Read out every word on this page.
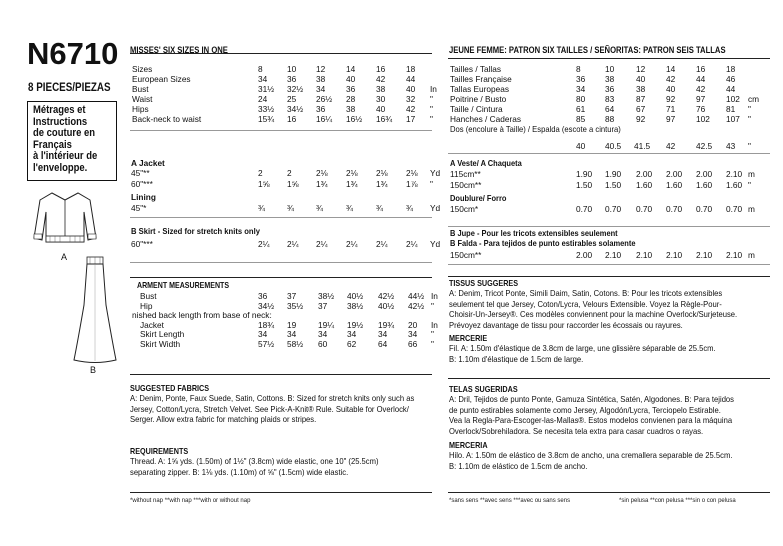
N6710
8 PIECES/PIEZAS
Métrages et
Instructions
de couture en
Français
à l'intérieur de
l'enveloppe.
A
B
MISSES' SIX SIZES IN ONE
Sizes	8	10 12	14	16	18
European Sizes	34 36 38	40	42	44
Bust	31½ 32½ 34	36	38	40 In
Waist	24 25 26½ 28	30	32 "
Hips	33½ 34½ 36	38	40	42 "
Back-neck to waist	15¾ 16 16¼ 16½ 16¾ 17 "
A Jacket
45"**	2	2	2⅛ 2⅛ 2⅛ 2⅛ Yd
60"***	1⅝ 1⅝ 1¾ 1¾ 1¾ 1⅞ "
Lining
45"*	¾	¾	¾	¾	¾	¾ Yd
B Skirt - Sized for stretch knits only
60"***	2¼ 2¼ 2¼ 2¼ 2¼ 2¼ Yd
ARMENT MEASUREMENTS
Bust	36 37	38½ 40½ 42½ 44½ In
Hip	34½ 35½ 37 38½ 40½ 42½ "
nished back length from base of neck:
Jacket	18¾ 19	19¼ 19½ 19¾ 20 In
Skirt Length	34 34	34 34	34	34 "
Skirt Width	57½ 58½ 60 62	64	66 "
SUGGESTED FABRICS
A: Denim, Ponte, Faux Suede, Satin, Cottons. B: Sized for stretch knits only such as
Jersey, Cotton/Lycra, Stretch Velvet. See Pick-A-Knit® Rule. Suitable for Overlock/
Serger. Allow extra fabric for matching plaids or stripes.
REQUIREMENTS
Thread. A: 1⅝ yds. (1.50m) of 1½" (3.8cm) wide elastic, one 10" (25.5cm)
separating zipper. B: 1⅛ yds. (1.10m) of ⅝" (1.5cm) wide elastic.
*without nap **with nap ***with or without nap
JEUNE FEMME: PATRON SIX TAILLES / SEÑORITAS: PATRON SEIS TALLAS
Tailles / Tallas	8	10	12	14	16	18
Tailles Française	36 38	40	42	44	46
Tallas Europeas	34 36	38	40	42	44
Poitrine / Busto	80 83	87	92	97	102 cm
Taille / Cintura	61 64	67	71	76	81 "
Hanches / Caderas	85 88	92	97	102 107 "
Dos (encolure à Taille) / Espalda (escote a cintura)
40 40.5 41.5 42	42.5 43 "
A Veste/ A Chaqueta
115cm**	1.90 1.90 2.00 2.00 2.00 2.10 m
150cm**	1.50 1.50 1.60 1.60 1.60 1.60 "
Doublure/ Forro
150cm*	0.70 0.70 0.70 0.70 0.70 0.70 m
B Jupe - Pour les tricots extensibles seulement
B Falda - Para tejidos de punto estirables solamente
150cm**	2.00 2.10 2.10 2.10 2.10 2.10 m
TISSUS SUGGERES
A: Denim, Tricot Ponte, Simili Daim, Satin, Cotons. B: Pour les tricots extensibles
seulement tel que Jersey, Coton/Lycra, Velours Extensible. Voyez la Règle-Pour-
Choisir-Un-Jersey®. Ces modèles conviennent pour la machine Overlock/Surjeteuse.
Prévoyez davantage de tissu pour raccorder les écossais ou rayures.
MERCERIE
Fil. A: 1.50m d'élastique de 3.8cm de large, une glissière séparable de 25.5cm.
B: 1.10m d'élastique de 1.5cm de large.
TELAS SUGERIDAS
A: Dril, Tejidos de punto Ponte, Gamuza Sintética, Satén, Algodones. B: Para tejidos
de punto estirables solamente como Jersey, Algodón/Lycra, Terciopelo Estirable.
Vea la Regla-Para-Escoger-las-Mallas®. Estos modelos convienen para la máquina
Overlock/Sobrehiladora. Se necesita tela extra para casar cuadros o rayas.
MERCERIA
Hilo. A: 1.50m de elástico de 3.8cm de ancho, una cremallera separable de 25.5cm.
B: 1.10m de elástico de 1.5cm de ancho.
*sans sens **avec sens ***avec ou sans sens	*sin pelusa **con pelusa ***sin o con pelusa
